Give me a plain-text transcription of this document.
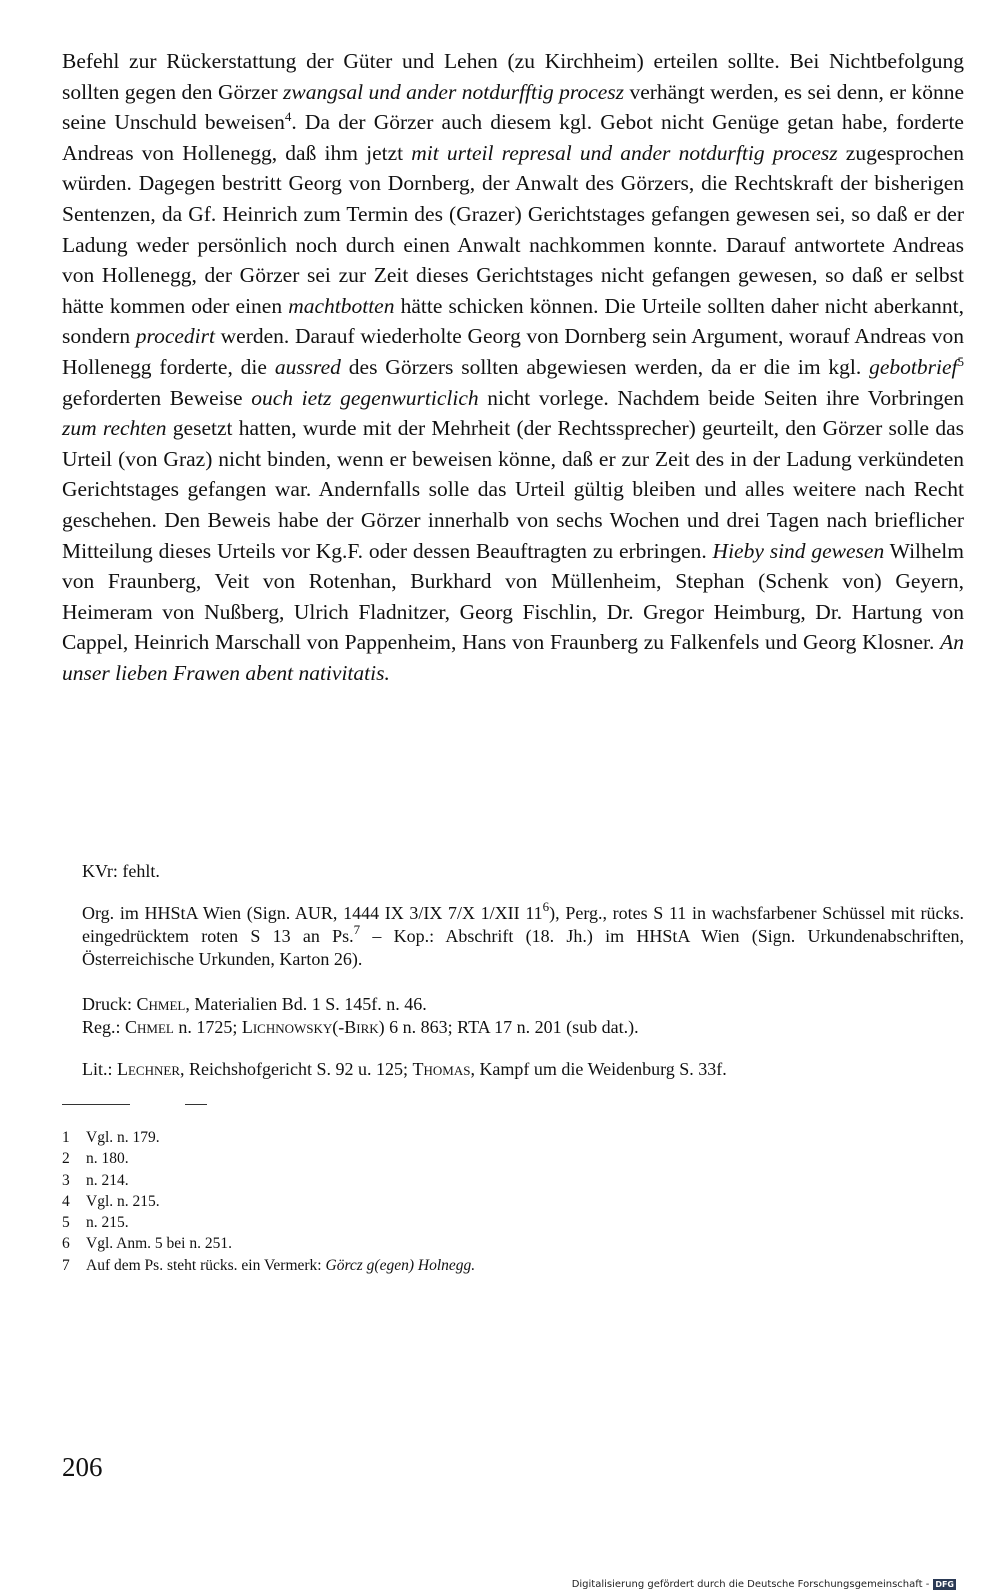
Befehl zur Rückerstattung der Güter und Lehen (zu Kirchheim) erteilen sollte. Bei Nichtbefolgung sollten gegen den Görzer zwangsal und ander notdurfftig procesz verhängt werden, es sei denn, er könne seine Unschuld beweisen$^4$. Da der Görzer auch diesem kgl. Gebot nicht Genüge getan habe, forderte Andreas von Hollenegg, daß ihm jetzt mit urteil represal und ander notdurftig procesz zugesprochen würden. Dagegen bestritt Georg von Dornberg, der Anwalt des Görzers, die Rechtskraft der bisherigen Sentenzen, da Gf. Heinrich zum Termin des (Grazer) Gerichtstages gefangen gewesen sei, so daß er der Ladung weder persönlich noch durch einen Anwalt nachkommen konnte. Darauf antwortete Andreas von Hollenegg, der Görzer sei zur Zeit dieses Gerichtstages nicht gefangen gewesen, so daß er selbst hätte kommen oder einen machtbotten hätte schicken können. Die Urteile sollten daher nicht aberkannt, sondern procedirt werden. Darauf wiederholte Georg von Dornberg sein Argument, worauf Andreas von Hollenegg forderte, die aussred des Görzers sollten abgewiesen werden, da er die im kgl. gebotbrief$^5$ geforderten Beweise ouch ietz gegenwurticlich nicht vorlege. Nachdem beide Seiten ihre Vorbringen zum rechten gesetzt hatten, wurde mit der Mehrheit (der Rechtssprecher) geurteilt, den Görzer solle das Urteil (von Graz) nicht binden, wenn er beweisen könne, daß er zur Zeit des in der Ladung verkündeten Gerichtstages gefangen war. Andernfalls solle das Urteil gültig bleiben und alles weitere nach Recht geschehen. Den Beweis habe der Görzer innerhalb von sechs Wochen und drei Tagen nach brieflicher Mitteilung dieses Urteils vor Kg.F. oder dessen Beauftragten zu erbringen. Hieby sind gewesen Wilhelm von Fraunberg, Veit von Rotenhan, Burkhard von Müllenheim, Stephan (Schenk von) Geyern, Heimeram von Nußberg, Ulrich Fladnitzer, Georg Fischlin, Dr. Gregor Heimburg, Dr. Hartung von Cappel, Heinrich Marschall von Pappenheim, Hans von Fraunberg zu Falkenfels und Georg Klosner. An unser lieben Frawen abent nativitatis.

KVr: fehlt.

Org. im HHStA Wien (Sign. AUR, 1444 IX 3/IX 7/X 1/XII $11^6$), Perg., rotes S 11 in wachsfarbener Schüssel mit rücks. eingedrücktem roten S 13 an Ps.$^7$ – Kop.: Abschrift (18. Jh.) im HHStA Wien (Sign. Urkundenabschriften, Österreichische Urkunden, Karton 26).

Druck: Chmel, Materialien Bd. 1 S. 145f. n. 46.

Reg.: Chmel n. 1725; Lichnowsky(-Birk) 6 n. 863; RTA 17 n. 201 (sub dat.).

Lit.: Lechner, Reichshofgericht S. 92 u. 125; Thomas, Kampf um die Weidenburg S. 33f.

1	Vgl. n. 179.
2	n. 180.
3	n. 214.
4	Vgl. n. 215.
5	n. 215.
6	Vgl. Anm. 5 bei n. 251.
7	Auf dem Ps. steht rücks. ein Vermerk: Görcz g(egen) Holnegg.
206
Digitalisierung gefördert durch die Deutsche Forschungsgemeinschaft - DFG
